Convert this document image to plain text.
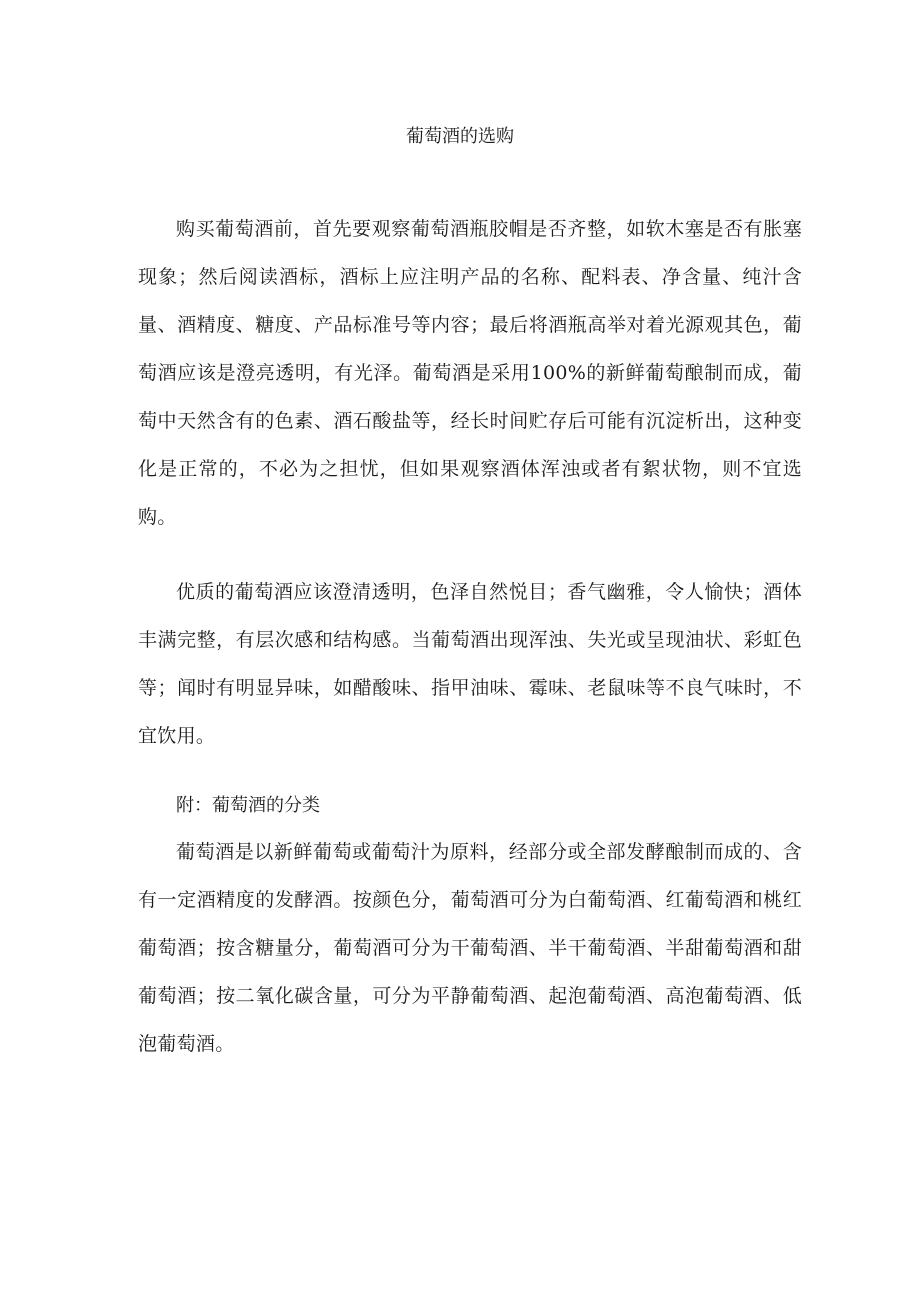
葡萄酒的选购

购买葡萄酒前，首先要观察葡萄酒瓶胶帽是否齐整，如软木塞是否有胀塞现象；然后阅读酒标，酒标上应注明产品的名称、配料表、净含量、纯汁含量、酒精度、糖度、产品标准号等内容；最后将酒瓶高举对着光源观其色，葡萄酒应该是澄亮透明，有光泽。葡萄酒是采用100%的新鲜葡萄酿制而成，葡萄中天然含有的色素、酒石酸盐等，经长时间贮存后可能有沉淀析出，这种变化是正常的，不必为之担忧，但如果观察酒体浑浊或者有絮状物，则不宜选购。

优质的葡萄酒应该澄清透明，色泽自然悦目；香气幽雅，令人愉快；酒体丰满完整，有层次感和结构感。当葡萄酒出现浑浊、失光或呈现油状、彩虹色等；闻时有明显异味，如醋酸味、指甲油味、霉味、老鼠味等不良气味时，不宜饮用。

附：葡萄酒的分类

葡萄酒是以新鲜葡萄或葡萄汁为原料，经部分或全部发酵酿制而成的、含有一定酒精度的发酵酒。按颜色分，葡萄酒可分为白葡萄酒、红葡萄酒和桃红葡萄酒；按含糖量分，葡萄酒可分为干葡萄酒、半干葡萄酒、半甜葡萄酒和甜葡萄酒；按二氧化碳含量，可分为平静葡萄酒、起泡葡萄酒、高泡葡萄酒、低泡葡萄酒。
